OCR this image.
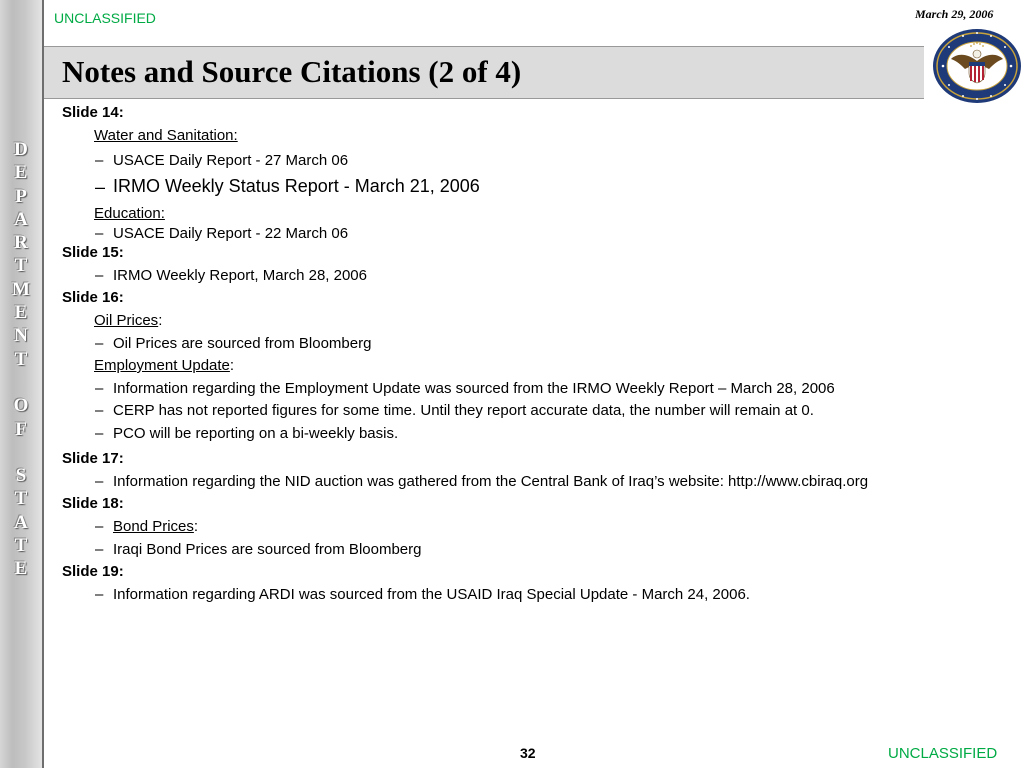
D
E
P
A
R
T
M
E
N
T
O
F
S
T
A
T
E
UNCLASSIFIED	March 29, 2006
Notes and Source Citations (2 of 4)
Slide 14:
Water and Sanitation:
– USACE Daily Report - 27 March 06
– IRMO Weekly Status Report - March 21, 2006
Education:
– USACE Daily Report - 22 March 06
Slide 15:
– IRMO Weekly Report, March 28, 2006
Slide 16:
Oil Prices:
– Oil Prices are sourced from Bloomberg
Employment Update:
– Information regarding the Employment Update was sourced from the IRMO Weekly Report – March 28, 2006
– CERP has not reported figures for some time. Until they report accurate data, the number will remain at 0.
– PCO will be reporting on a bi-weekly basis.
Slide 17:
– Information regarding the NID auction was gathered from the Central Bank of Iraq’s website: http://www.cbiraq.org
Slide 18:
– Bond Prices:
– Iraqi Bond Prices are sourced from Bloomberg
Slide 19:
– Information regarding ARDI was sourced from the USAID Iraq Special Update - March 24, 2006.
32	UNCLASSIFIED
